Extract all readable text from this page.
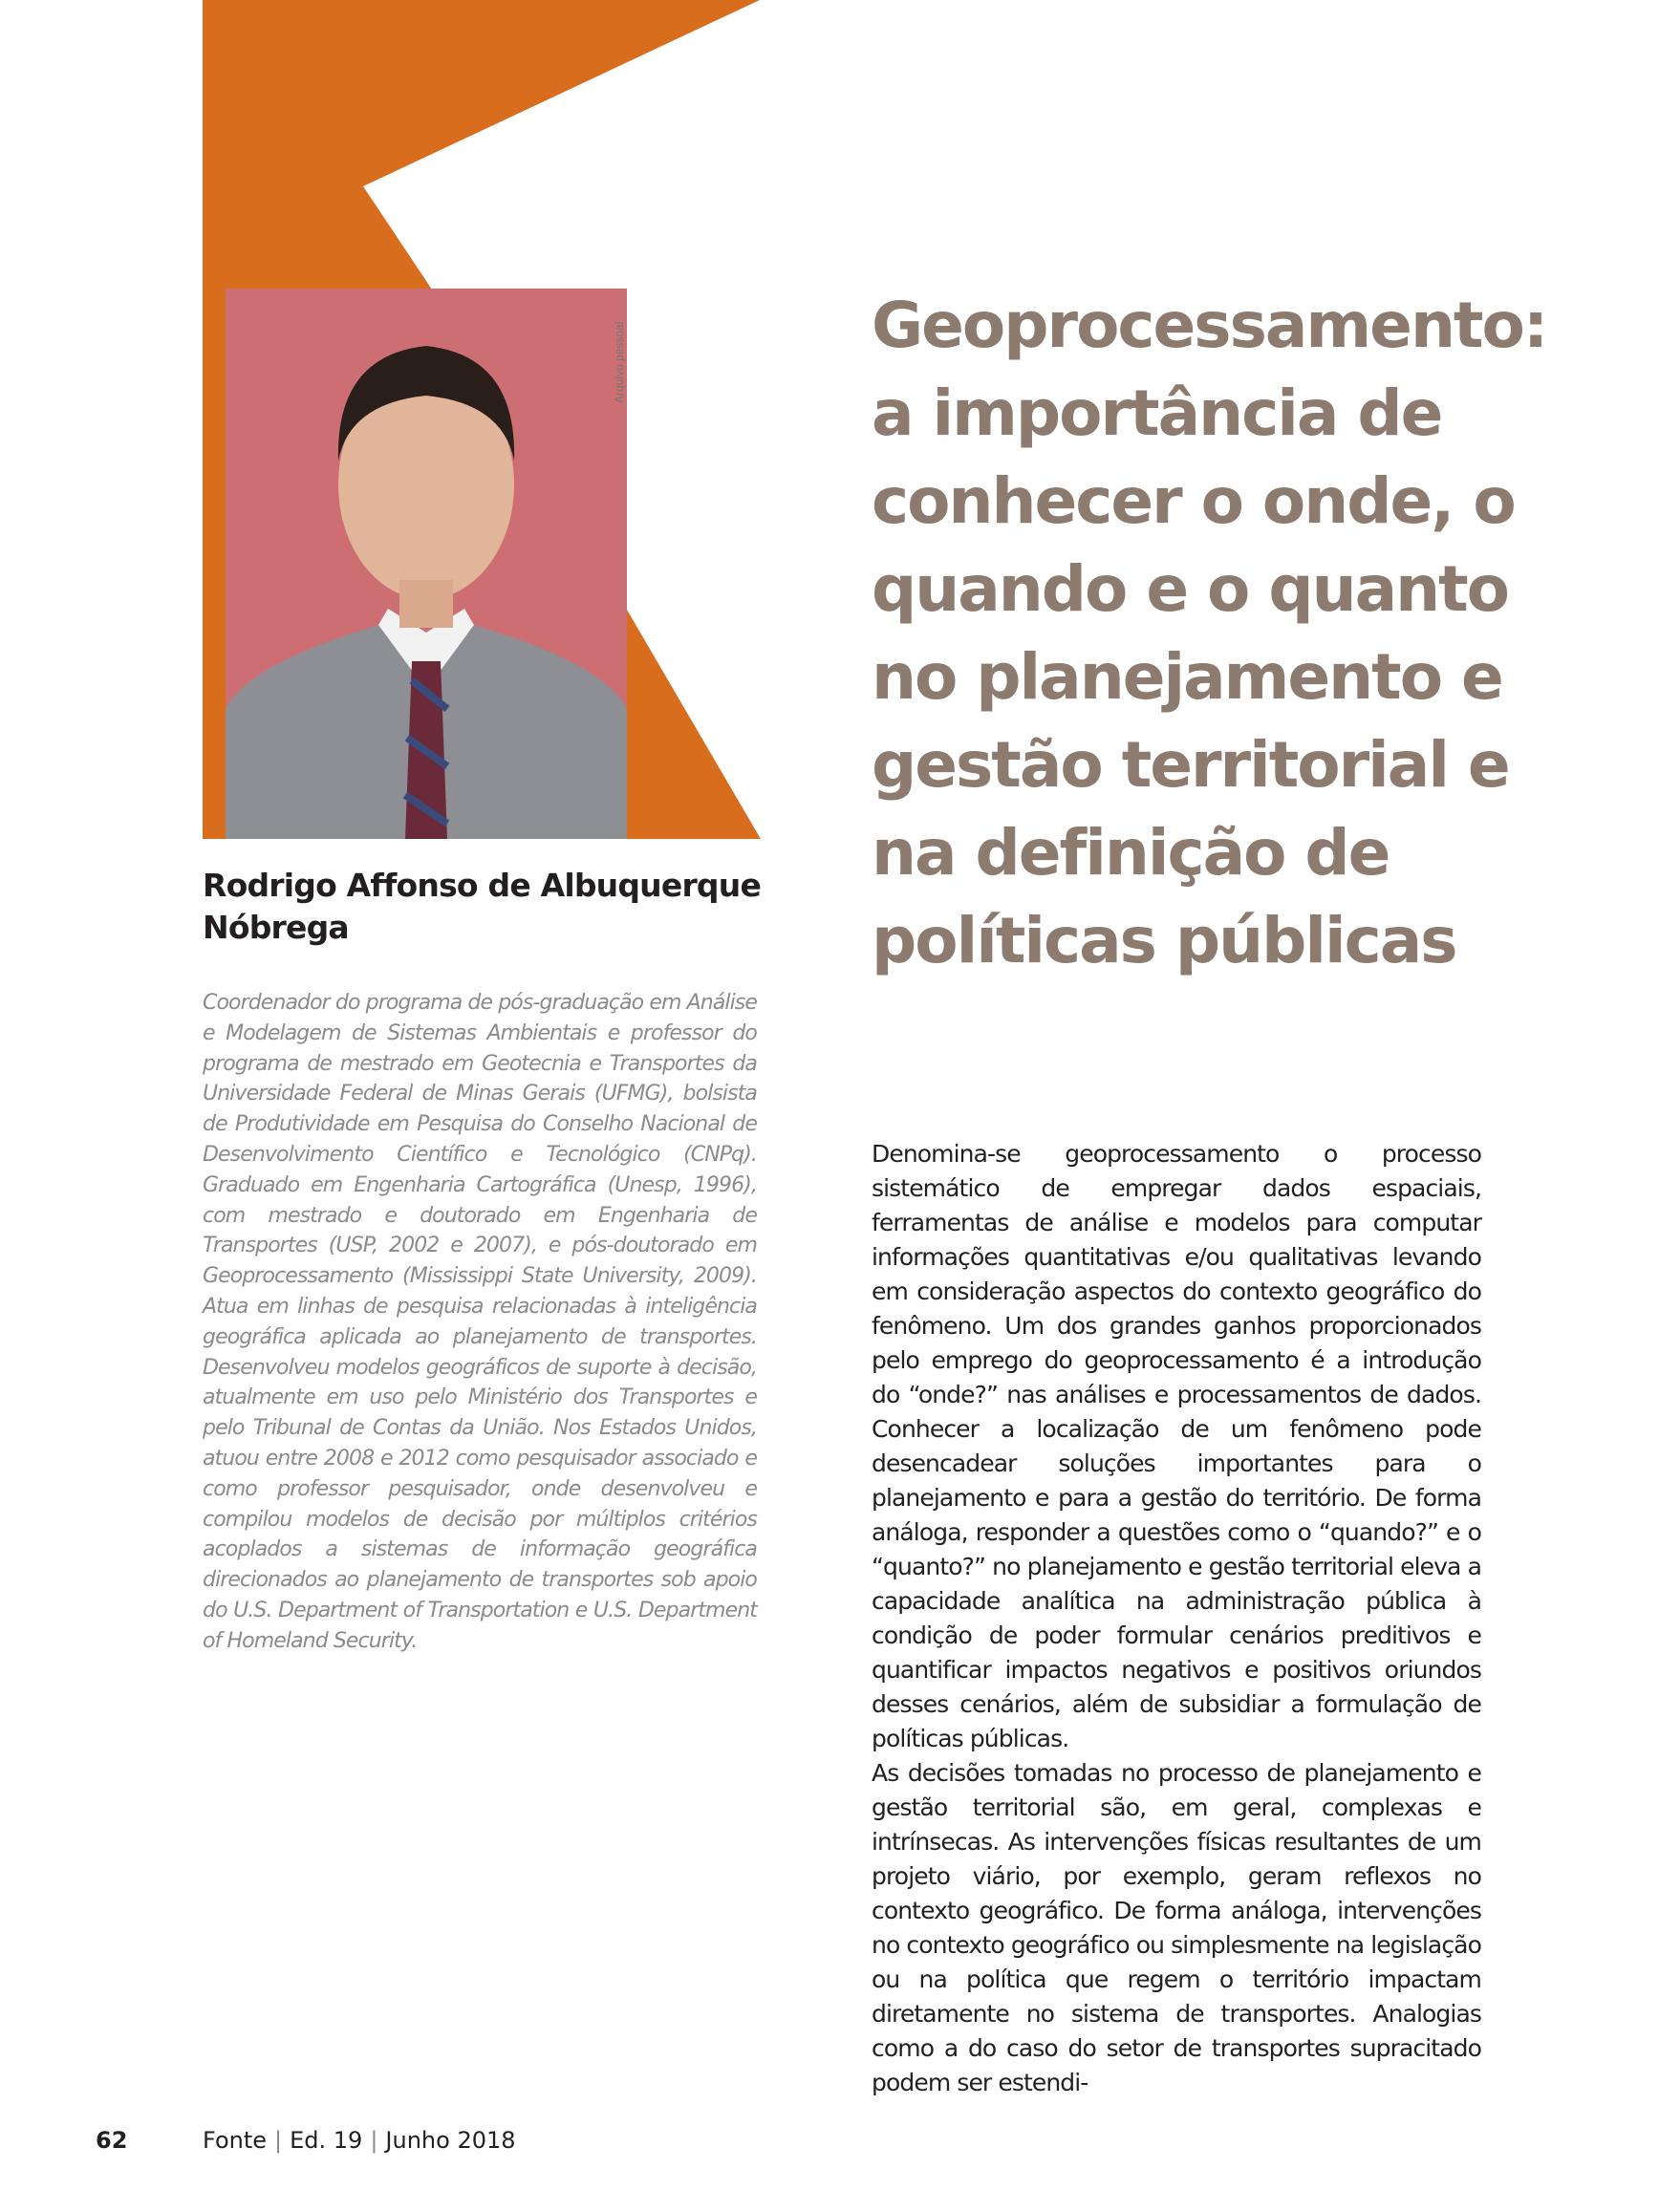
Arquivo pessoal
Rodrigo Affonso de Albuquerque Nóbrega

Coordenador do programa de pós-graduação em Análise e Modelagem de Sistemas Ambientais e professor do programa de mestrado em Geotecnia e Transportes da Universidade Federal de Minas Gerais (UFMG), bolsista de Produtividade em Pesquisa do Conselho Nacional de Desenvolvimento Científico e Tecnológico (CNPq). Graduado em Engenharia Cartográfica (Unesp, 1996), com mestrado e doutorado em Engenharia de Transportes (USP, 2002 e 2007), e pós-doutorado em Geoprocessamento (Mississippi State University, 2009). Atua em linhas de pesquisa relacionadas à inteligência geográfica aplicada ao planejamento de transportes. Desenvolveu modelos geográficos de suporte à decisão, atualmente em uso pelo Ministério dos Transportes e pelo Tribunal de Contas da União. Nos Estados Unidos, atuou entre 2008 e 2012 como pesquisador associado e como professor pesquisador, onde desenvolveu e compilou modelos de decisão por múltiplos critérios acoplados a sistemas de informação geográfica direcionados ao planejamento de transportes sob apoio do U.S. Department of Transportation e U.S. Department of Homeland Security.

Geoprocessamento: a importância de conhecer o onde, o quando e o quanto no planejamento e gestão territorial e na definição de políticas públicas

Denomina-se geoprocessamento o processo sistemático de empregar dados espaciais, ferramentas de análise e modelos para computar informações quantitativas e/ou qualitativas levando em consideração aspectos do contexto geográfico do fenômeno. Um dos grandes ganhos proporcionados pelo emprego do geoprocessamento é a introdução do “onde?” nas análises e processamentos de dados. Conhecer a localização de um fenômeno pode desencadear soluções importantes para o planejamento e para a gestão do território. De forma análoga, responder a questões como o “quando?” e o “quanto?” no planejamento e gestão territorial eleva a capacidade analítica na administração pública à condição de poder formular cenários preditivos e quantificar impactos negativos e positivos oriundos desses cenários, além de subsidiar a formulação de políticas públicas.

As decisões tomadas no processo de planejamento e gestão territorial são, em geral, complexas e intrínsecas. As intervenções físicas resultantes de um projeto viário, por exemplo, geram reflexos no contexto geográfico. De forma análoga, intervenções no contexto geográfico ou simplesmente na legislação ou na política que regem o território impactam diretamente no sistema de transportes. Analogias como a do caso do setor de transportes supracitado podem ser estendi-

62	Fonte | Ed. 19 | Junho 2018
